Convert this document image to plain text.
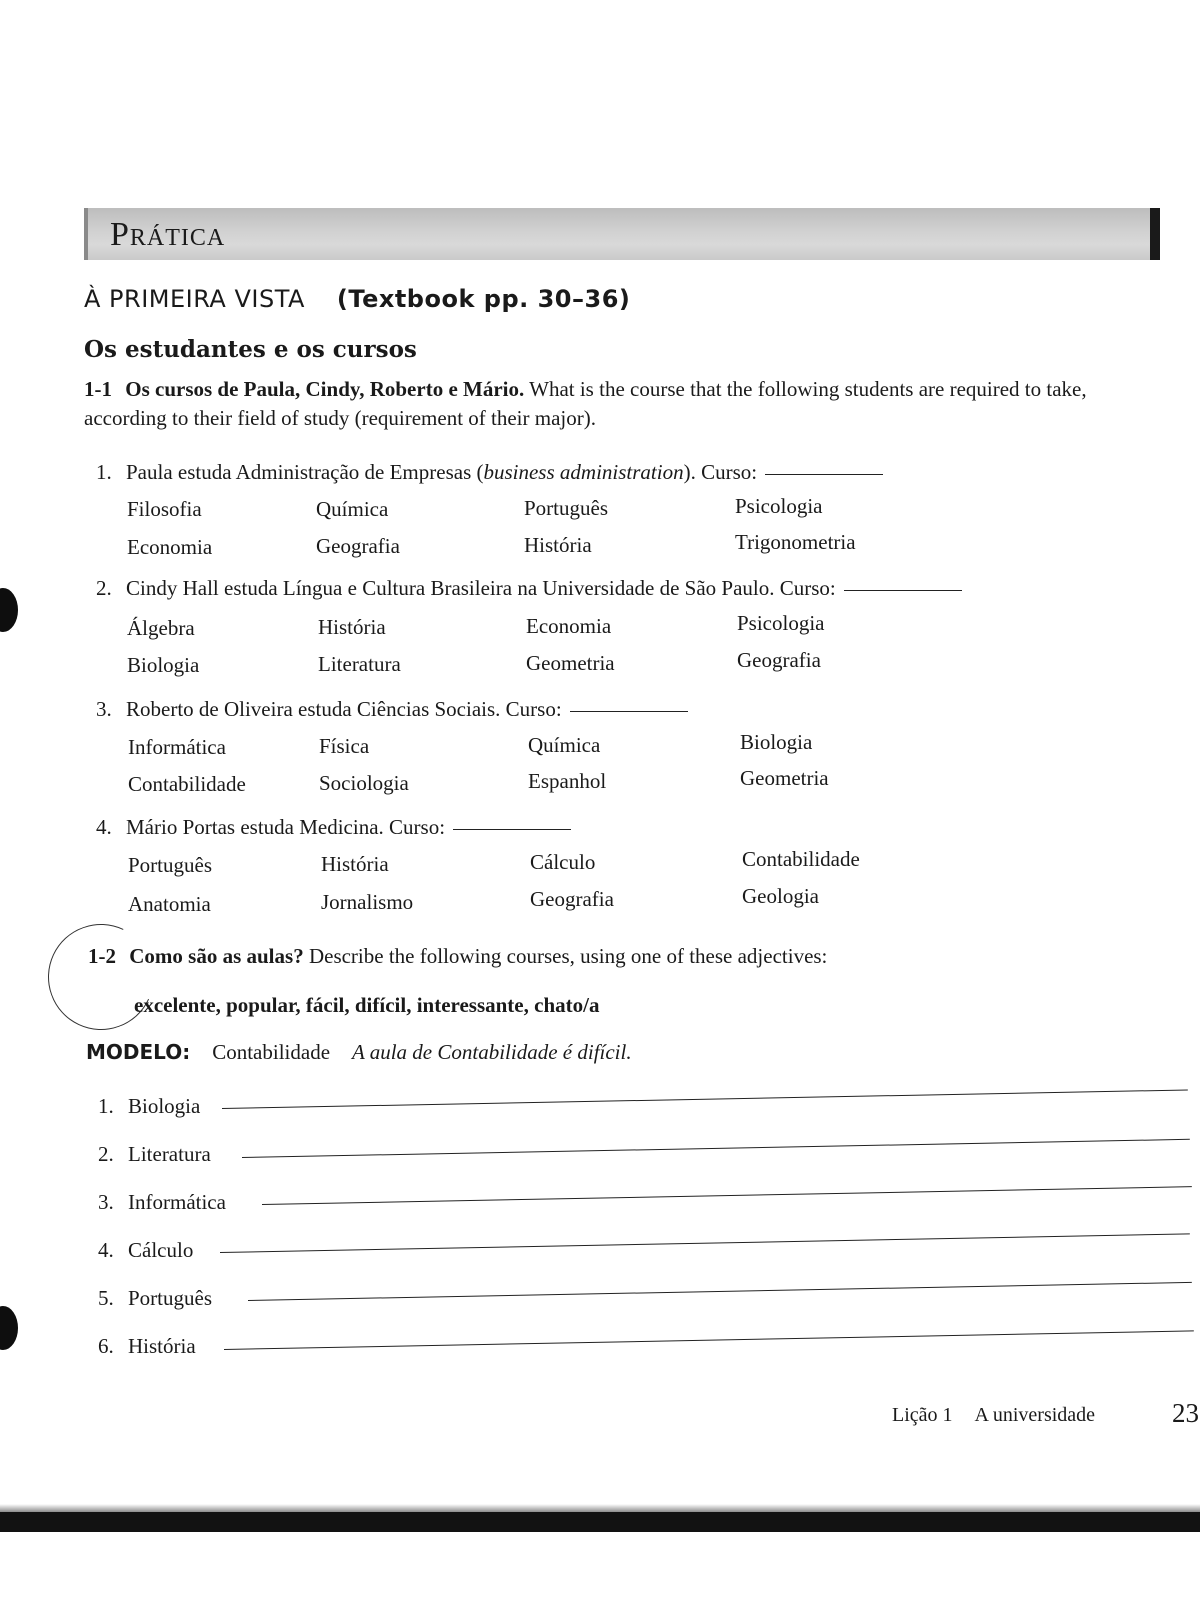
Prática
À PRIMEIRA VISTA (Textbook pp. 30–36)
Os estudantes e os cursos
1-1 Os cursos de Paula, Cindy, Roberto e Mário. What is the course that the following students are required to take, according to their field of study (requirement of their major).
1. Paula estuda Administração de Empresas (business administration). Curso:
Filosofia	Química	Português	Psicologia
Economia	Geografia	História	Trigonometria
2. Cindy Hall estuda Língua e Cultura Brasileira na Universidade de São Paulo. Curso:
Álgebra	História	Economia	Psicologia
Biologia	Literatura	Geometria	Geografia
3. Roberto de Oliveira estuda Ciências Sociais. Curso:
Informática	Física	Química	Biologia
Contabilidade	Sociologia	Espanhol	Geometria
4. Mário Portas estuda Medicina. Curso:
Português	História	Cálculo	Contabilidade
Anatomia	Jornalismo	Geografia	Geologia
1-2 Como são as aulas? Describe the following courses, using one of these adjectives:
excelente, popular, fácil, difícil, interessante, chato/a
MODELO: Contabilidade A aula de Contabilidade é difícil.
1. Biologia
2. Literatura
3. Informática
4. Cálculo
5. Português
6. História
Lição 1 A universidade	23
